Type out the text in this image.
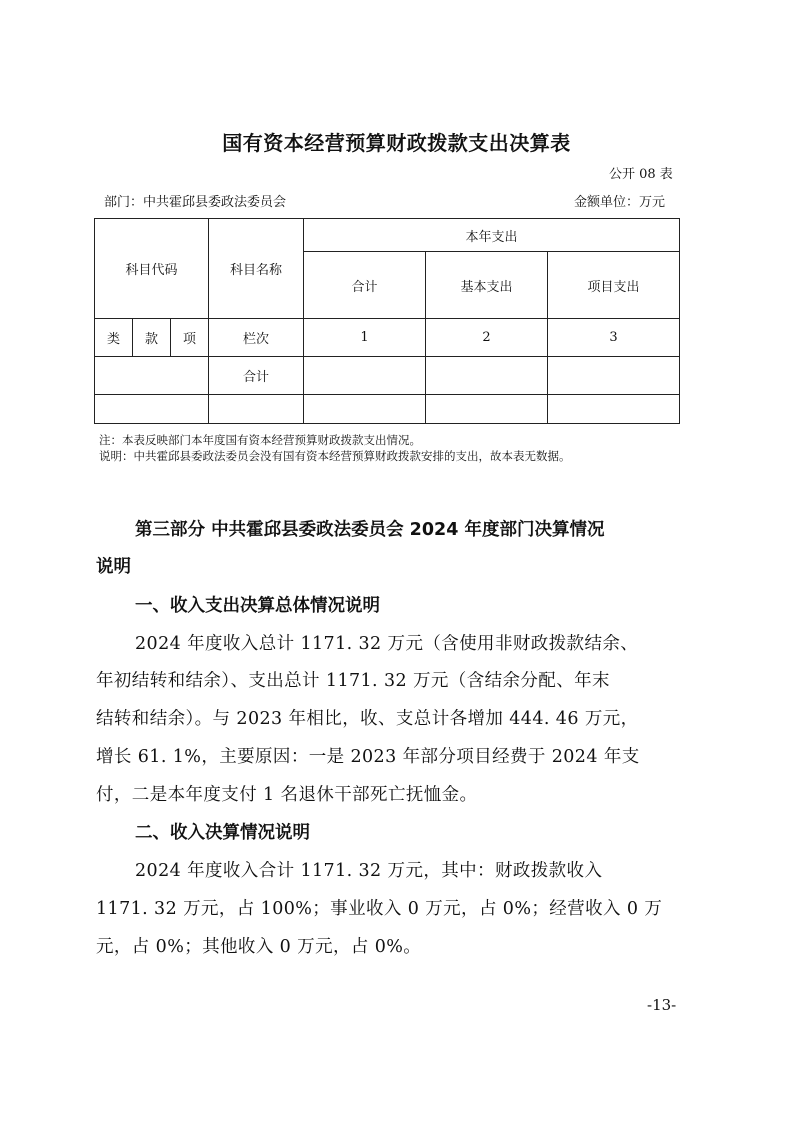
国有资本经营预算财政拨款支出决算表
公开 08 表
部门：中共霍邱县委政法委员会	金额单位：万元
科目代码			科目名称	本年支出		
				合计	基本支出	项目支出
类	款	项	栏次	1	2	3
			合计			

注：本表反映部门本年度国有资本经营预算财政拨款支出情况。
说明：中共霍邱县委政法委员会没有国有资本经营预算财政拨款安排的支出，故本表无数据。
第三部分 中共霍邱县委政法委员会 2024 年度部门决算情况
说明
一、收入支出决算总体情况说明
2024 年度收入总计 1171. 32 万元（含使用非财政拨款结余、
年初结转和结余）、支出总计 1171. 32 万元（含结余分配、年末
结转和结余）。与 2023 年相比，收、支总计各增加 444. 46 万元，
增长 61. 1%，主要原因：一是 2023 年部分项目经费于 2024 年支
付，二是本年度支付 1 名退休干部死亡抚恤金。
二、收入决算情况说明
2024 年度收入合计 1171. 32 万元，其中：财政拨款收入
1171. 32 万元，占 100%；事业收入 0 万元，占 0%；经营收入 0 万
元，占 0%；其他收入 0 万元，占 0%。
-13-
